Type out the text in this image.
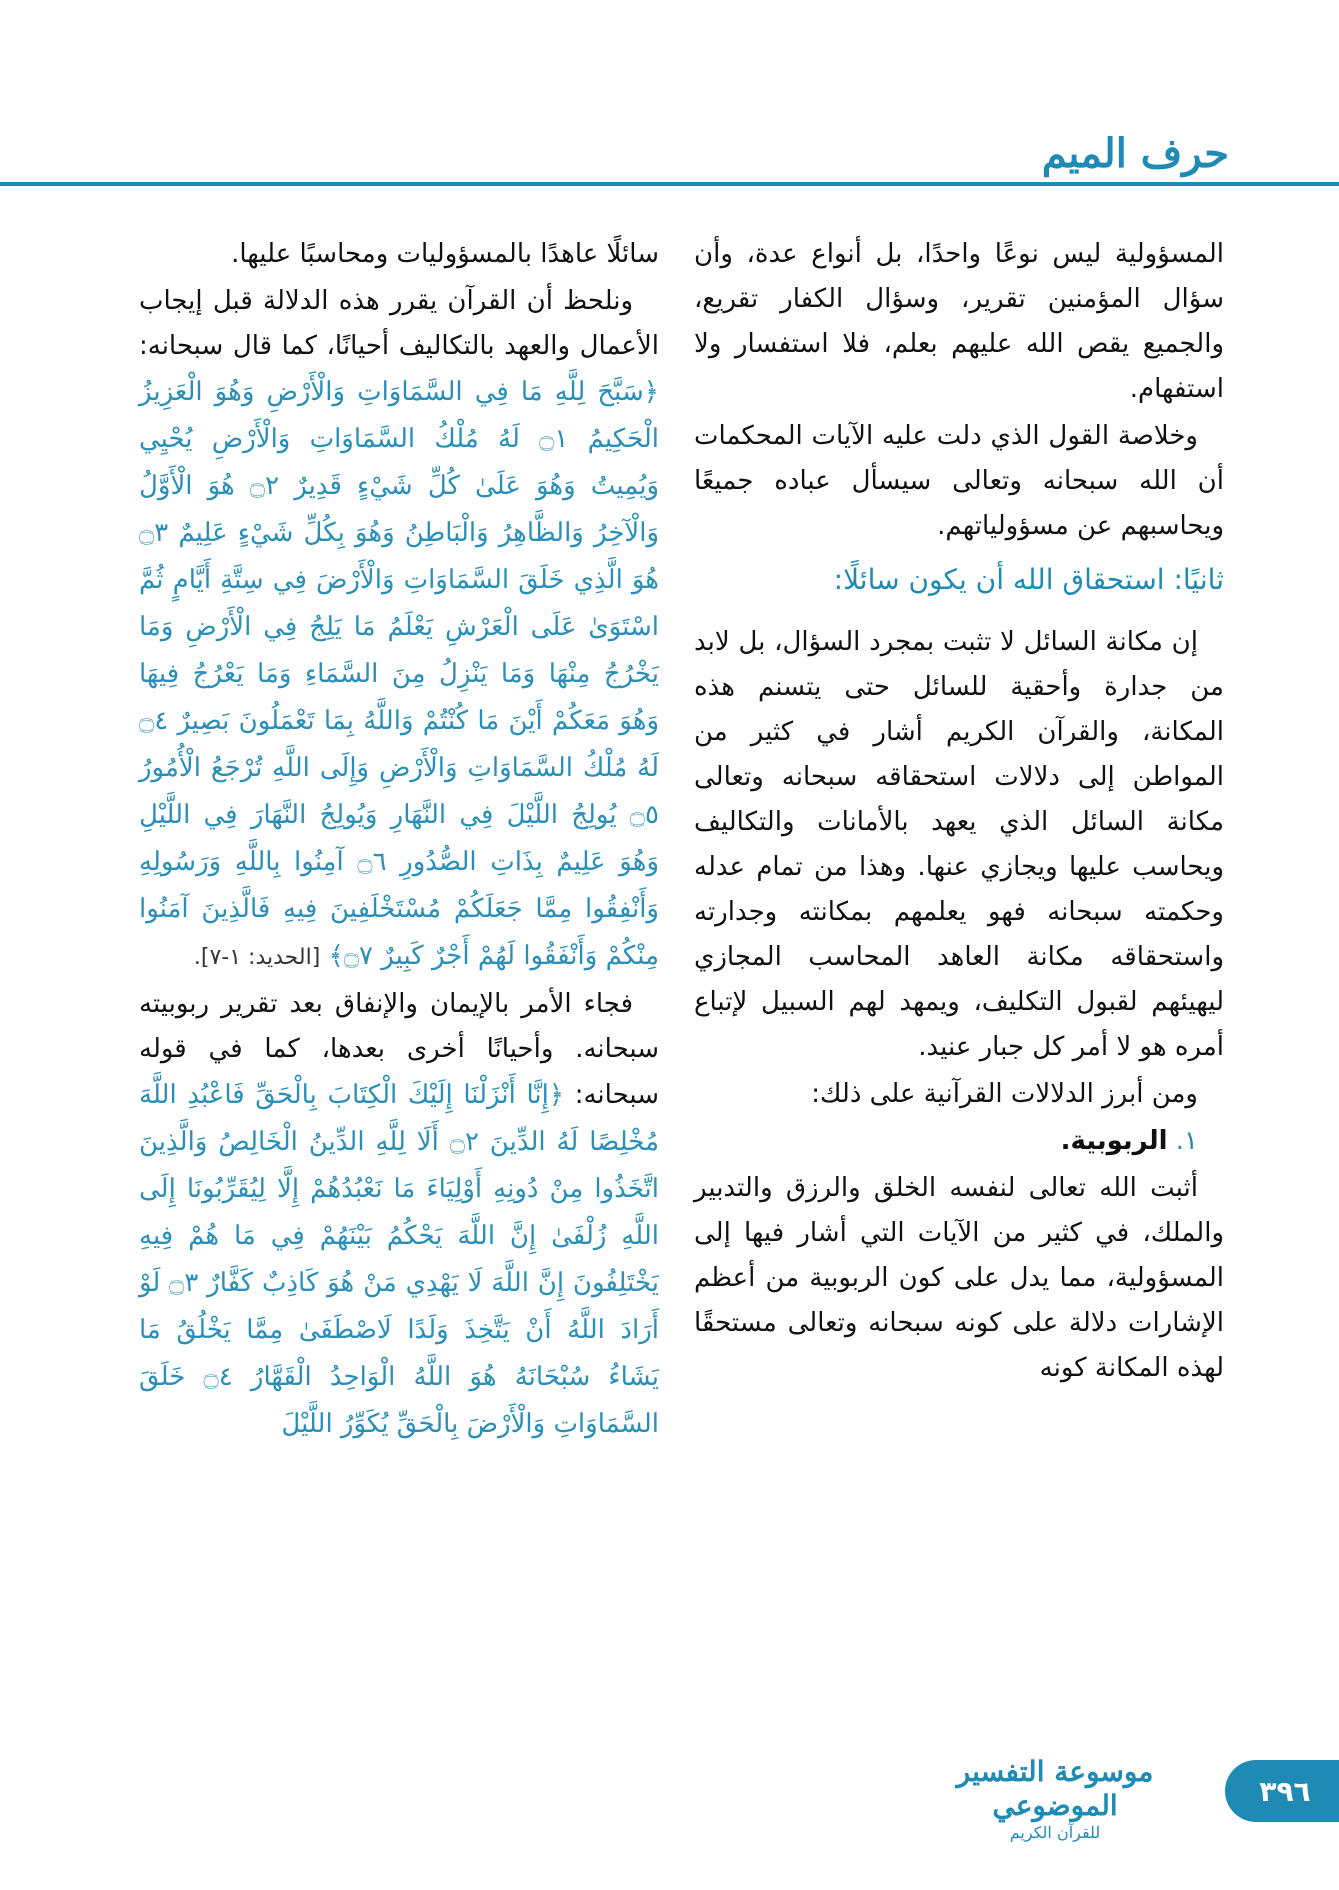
حرف الميم

المسؤولية ليس نوعًا واحدًا، بل أنواع عدة، وأن سؤال المؤمنين تقرير، وسؤال الكفار تقريع، والجميع يقص الله عليهم بعلم، فلا استفسار ولا استفهام.

وخلاصة القول الذي دلت عليه الآيات المحكمات أن الله سبحانه وتعالى سيسأل عباده جميعًا ويحاسبهم عن مسؤولياتهم.

ثانيًا: استحقاق الله أن يكون سائلًا:

إن مكانة السائل لا تثبت بمجرد السؤال، بل لابد من جدارة وأحقية للسائل حتى يتسنم هذه المكانة، والقرآن الكريم أشار في كثير من المواطن إلى دلالات استحقاقه سبحانه وتعالى مكانة السائل الذي يعهد بالأمانات والتكاليف ويحاسب عليها ويجازي عنها. وهذا من تمام عدله وحكمته سبحانه فهو يعلمهم بمكانته وجدارته واستحقاقه مكانة العاهد المحاسب المجازي ليهيئهم لقبول التكليف، ويمهد لهم السبيل لإتباع أمره هو لا أمر كل جبار عنيد.

ومن أبرز الدلالات القرآنية على ذلك:

١. الربوبية.

أثبت الله تعالى لنفسه الخلق والرزق والتدبير والملك، في كثير من الآيات التي أشار فيها إلى المسؤولية، مما يدل على كون الربوبية من أعظم الإشارات دلالة على كونه سبحانه وتعالى مستحقًا لهذه المكانة كونه

سائلًا عاهدًا بالمسؤوليات ومحاسبًا عليها.

ونلحظ أن القرآن يقرر هذه الدلالة قبل إيجاب الأعمال والعهد بالتكاليف أحيانًا، كما قال سبحانه: ﴿سَبَّحَ لِلَّهِ مَا فِي السَّمَاوَاتِ وَالْأَرْضِ وَهُوَ الْعَزِيزُ الْحَكِيمُ ۝١ لَهُ مُلْكُ السَّمَاوَاتِ وَالْأَرْضِ يُحْيِي وَيُمِيتُ وَهُوَ عَلَىٰ كُلِّ شَيْءٍ قَدِيرٌ ۝٢ هُوَ الْأَوَّلُ وَالْآخِرُ وَالظَّاهِرُ وَالْبَاطِنُ وَهُوَ بِكُلِّ شَيْءٍ عَلِيمٌ ۝٣ هُوَ الَّذِي خَلَقَ السَّمَاوَاتِ وَالْأَرْضَ فِي سِتَّةِ أَيَّامٍ ثُمَّ اسْتَوَىٰ عَلَى الْعَرْشِ يَعْلَمُ مَا يَلِجُ فِي الْأَرْضِ وَمَا يَخْرُجُ مِنْهَا وَمَا يَنْزِلُ مِنَ السَّمَاءِ وَمَا يَعْرُجُ فِيهَا وَهُوَ مَعَكُمْ أَيْنَ مَا كُنْتُمْ وَاللَّهُ بِمَا تَعْمَلُونَ بَصِيرٌ ۝٤ لَهُ مُلْكُ السَّمَاوَاتِ وَالْأَرْضِ وَإِلَى اللَّهِ تُرْجَعُ الْأُمُورُ ۝٥ يُولِجُ اللَّيْلَ فِي النَّهَارِ وَيُولِجُ النَّهَارَ فِي اللَّيْلِ وَهُوَ عَلِيمٌ بِذَاتِ الصُّدُورِ ۝٦ آمِنُوا بِاللَّهِ وَرَسُولِهِ وَأَنْفِقُوا مِمَّا جَعَلَكُمْ مُسْتَخْلَفِينَ فِيهِ فَالَّذِينَ آمَنُوا مِنْكُمْ وَأَنْفَقُوا لَهُمْ أَجْرٌ كَبِيرٌ ۝٧﴾ [الحديد: ١-٧].

فجاء الأمر بالإيمان والإنفاق بعد تقرير ربوبيته سبحانه. وأحيانًا أخرى بعدها، كما في قوله سبحانه: ﴿إِنَّا أَنْزَلْنَا إِلَيْكَ الْكِتَابَ بِالْحَقِّ فَاعْبُدِ اللَّهَ مُخْلِصًا لَهُ الدِّينَ ۝٢ أَلَا لِلَّهِ الدِّينُ الْخَالِصُ وَالَّذِينَ اتَّخَذُوا مِنْ دُونِهِ أَوْلِيَاءَ مَا نَعْبُدُهُمْ إِلَّا لِيُقَرِّبُونَا إِلَى اللَّهِ زُلْفَىٰ إِنَّ اللَّهَ يَحْكُمُ بَيْنَهُمْ فِي مَا هُمْ فِيهِ يَخْتَلِفُونَ إِنَّ اللَّهَ لَا يَهْدِي مَنْ هُوَ كَاذِبٌ كَفَّارٌ ۝٣ لَوْ أَرَادَ اللَّهُ أَنْ يَتَّخِذَ وَلَدًا لَاصْطَفَىٰ مِمَّا يَخْلُقُ مَا يَشَاءُ سُبْحَانَهُ هُوَ اللَّهُ الْوَاحِدُ الْقَهَّارُ ۝٤ خَلَقَ السَّمَاوَاتِ وَالْأَرْضَ بِالْحَقِّ يُكَوِّرُ اللَّيْلَ

موسوعة التفسير الموضوعي
للقرآن الكريم
٣٩٦
